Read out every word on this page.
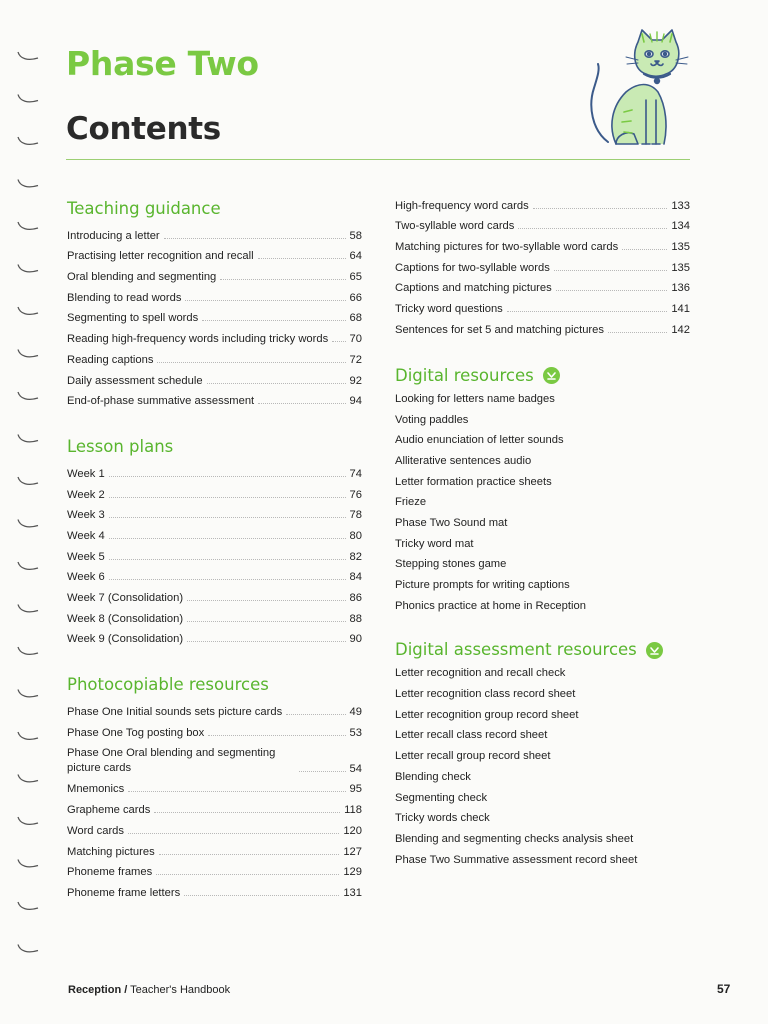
Phase Two
Contents
Teaching guidance
Introducing a letter	58
Practising letter recognition and recall	64
Oral blending and segmenting	65
Blending to read words	66
Segmenting to spell words	68
Reading high-frequency words including tricky words 70
Reading captions	72
Daily assessment schedule	92
End-of-phase summative assessment	94
Lesson plans
Week 1	74
Week 2	76
Week 3	78
Week 4	80
Week 5	82
Week 6	84
Week 7 (Consolidation)	86
Week 8 (Consolidation)	88
Week 9 (Consolidation)	90
Photocopiable resources
Phase One Initial sounds sets picture cards	49
Phase One Tog posting box	53
Phase One Oral blending and segmenting picture cards	54
Mnemonics	95
Grapheme cards	118
Word cards	120
Matching pictures	127
Phoneme frames	129
Phoneme frame letters	131
High-frequency word cards	133
Two-syllable word cards	134
Matching pictures for two-syllable word cards	135
Captions for two-syllable words	135
Captions and matching pictures	136
Tricky word questions	141
Sentences for set 5 and matching pictures	142
Digital resources
Looking for letters name badges
Voting paddles
Audio enunciation of letter sounds
Alliterative sentences audio
Letter formation practice sheets
Frieze
Phase Two Sound mat
Tricky word mat
Stepping stones game
Picture prompts for writing captions
Phonics practice at home in Reception
Digital assessment resources
Letter recognition and recall check
Letter recognition class record sheet
Letter recognition group record sheet
Letter recall class record sheet
Letter recall group record sheet
Blending check
Segmenting check
Tricky words check
Blending and segmenting checks analysis sheet
Phase Two Summative assessment record sheet
Reception / Teacher's Handbook	57
